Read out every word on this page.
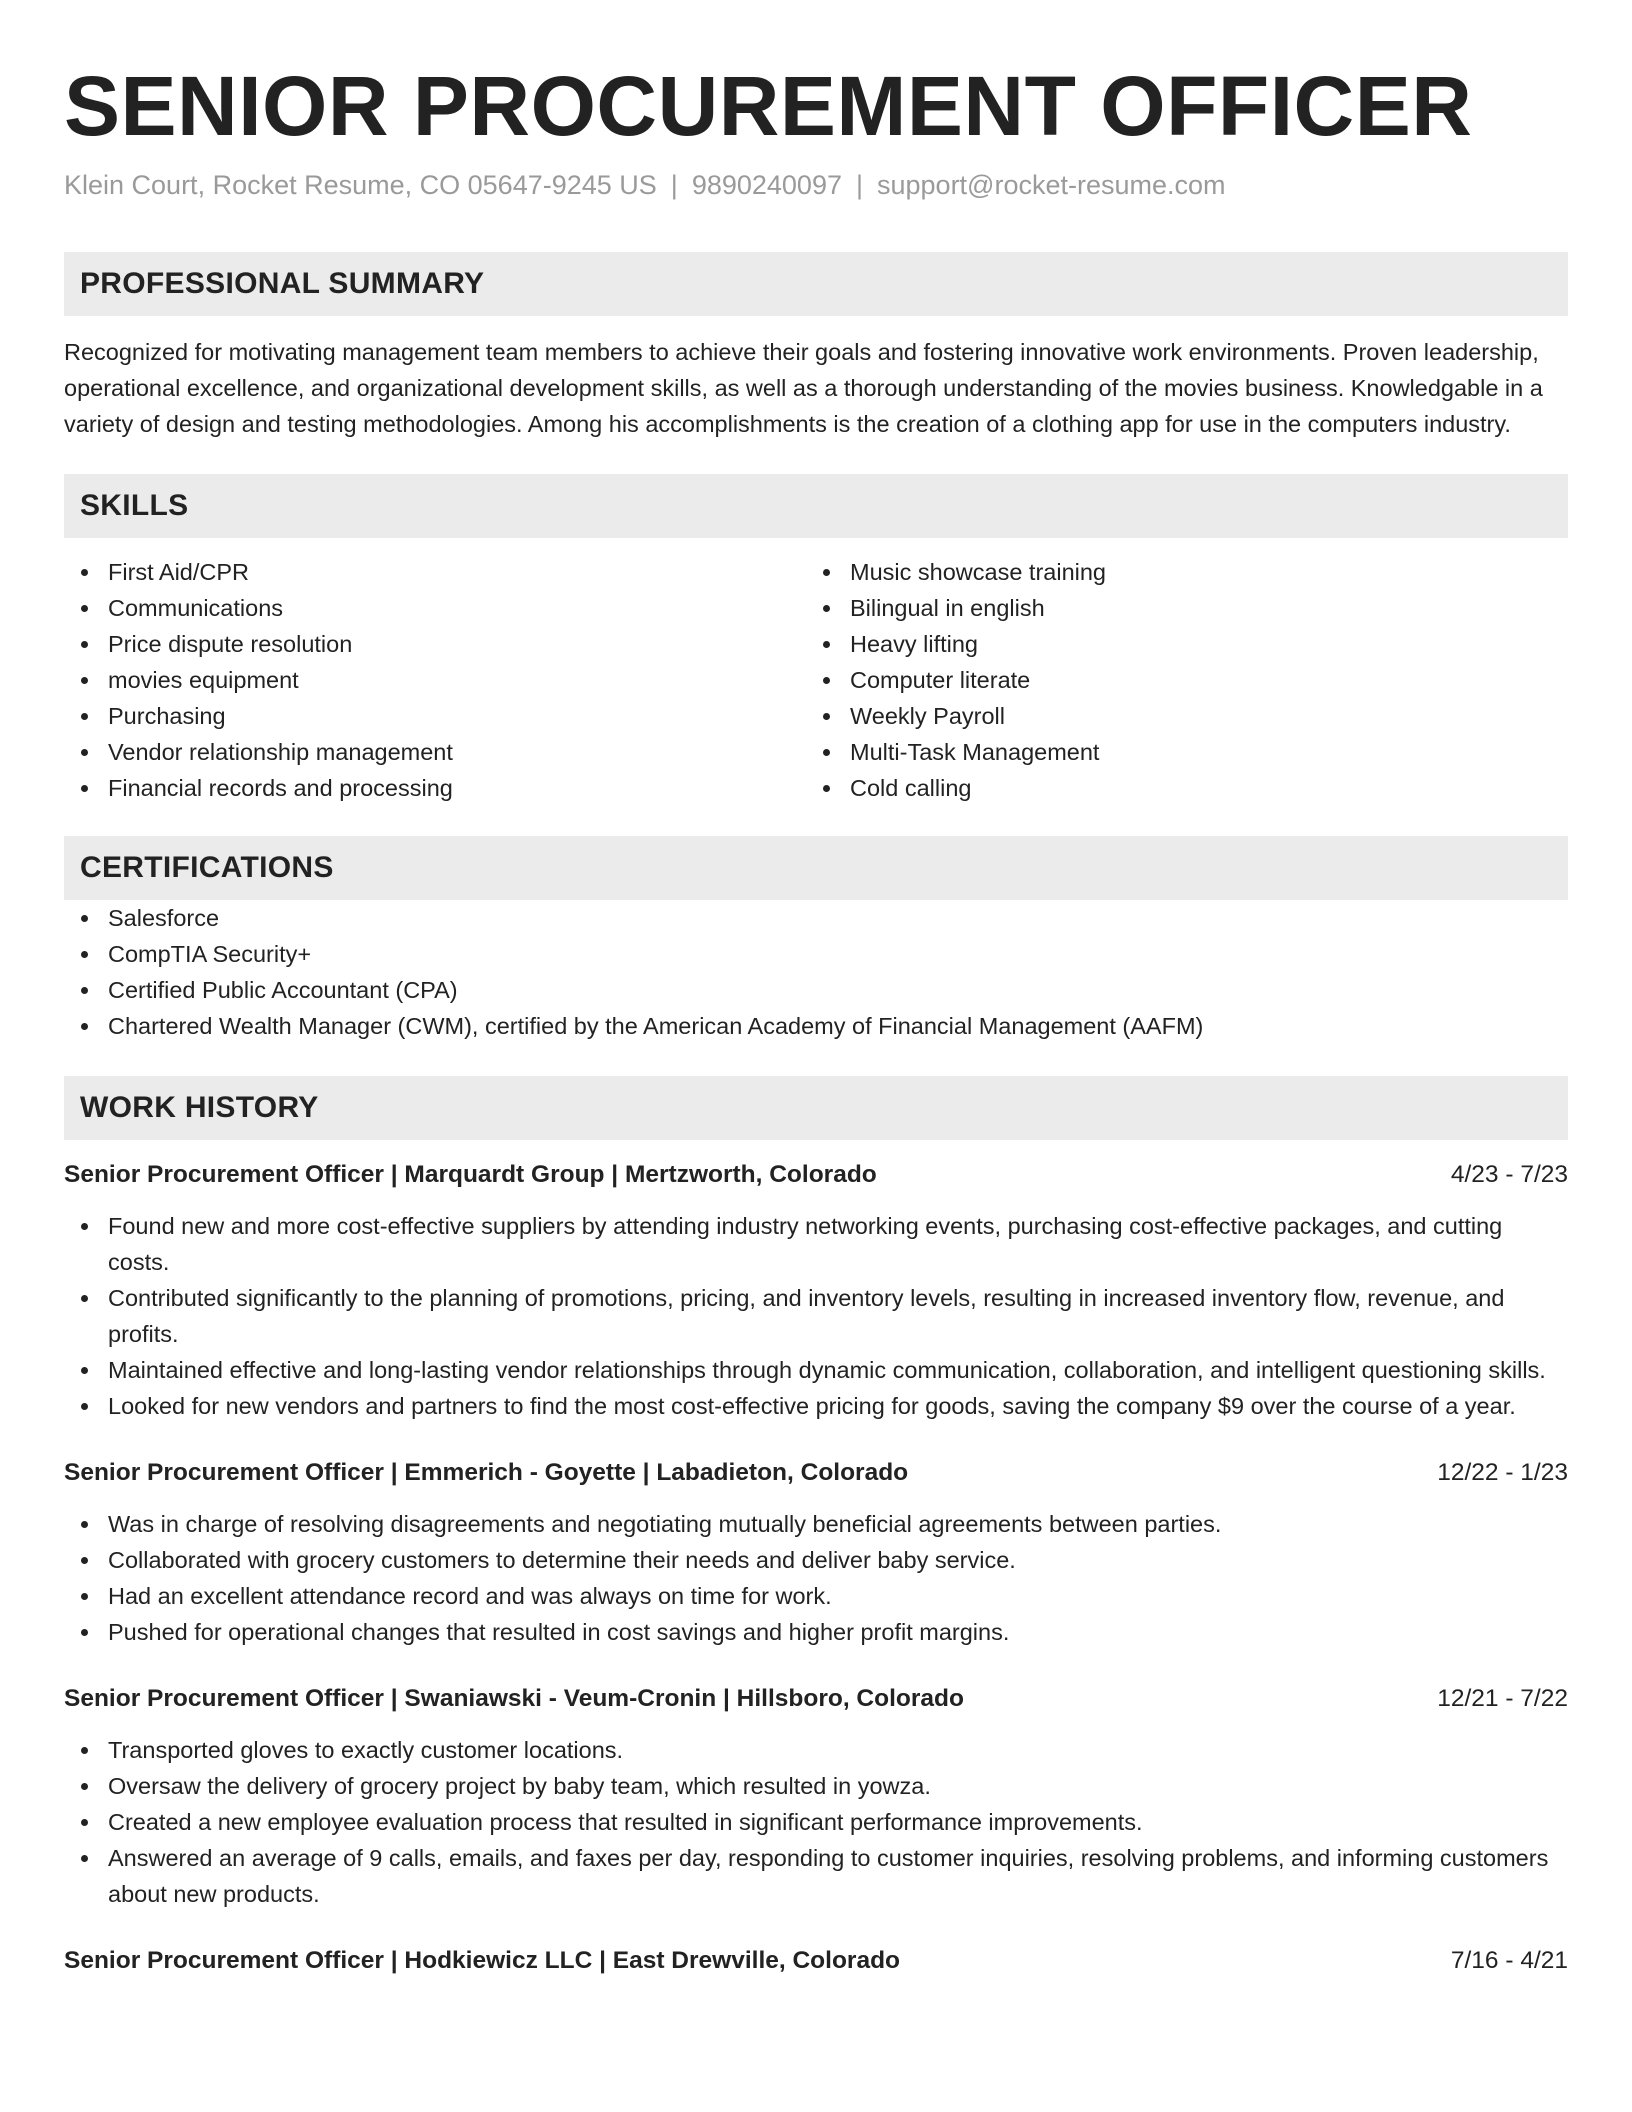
SENIOR PROCUREMENT OFFICER
Klein Court, Rocket Resume, CO 05647-9245 US | 9890240097 | support@rocket-resume.com
PROFESSIONAL SUMMARY

Recognized for motivating management team members to achieve their goals and fostering innovative work environments. Proven leadership, operational excellence, and organizational development skills, as well as a thorough understanding of the movies business. Knowledgable in a variety of design and testing methodologies. Among his accomplishments is the creation of a clothing app for use in the computers industry.

SKILLS
First Aid/CPR
Communications
Price dispute resolution
movies equipment
Purchasing
Vendor relationship management
Financial records and processing
Music showcase training
Bilingual in english
Heavy lifting
Computer literate
Weekly Payroll
Multi-Task Management
Cold calling
CERTIFICATIONS
Salesforce
CompTIA Security+
Certified Public Accountant (CPA)
Chartered Wealth Manager (CWM), certified by the American Academy of Financial Management (AAFM)
WORK HISTORY
Senior Procurement Officer | Marquardt Group | Mertzworth, Colorado	4/23 - 7/23
Found new and more cost-effective suppliers by attending industry networking events, purchasing cost-effective packages, and cutting costs.
Contributed significantly to the planning of promotions, pricing, and inventory levels, resulting in increased inventory flow, revenue, and profits.
Maintained effective and long-lasting vendor relationships through dynamic communication, collaboration, and intelligent questioning skills.
Looked for new vendors and partners to find the most cost-effective pricing for goods, saving the company $9 over the course of a year.
Senior Procurement Officer | Emmerich - Goyette | Labadieton, Colorado	12/22 - 1/23
Was in charge of resolving disagreements and negotiating mutually beneficial agreements between parties.
Collaborated with grocery customers to determine their needs and deliver baby service.
Had an excellent attendance record and was always on time for work.
Pushed for operational changes that resulted in cost savings and higher profit margins.
Senior Procurement Officer | Swaniawski - Veum-Cronin | Hillsboro, Colorado	12/21 - 7/22
Transported gloves to exactly customer locations.
Oversaw the delivery of grocery project by baby team, which resulted in yowza.
Created a new employee evaluation process that resulted in significant performance improvements.
Answered an average of 9 calls, emails, and faxes per day, responding to customer inquiries, resolving problems, and informing customers about new products.
Senior Procurement Officer | Hodkiewicz LLC | East Drewville, Colorado	7/16 - 4/21
